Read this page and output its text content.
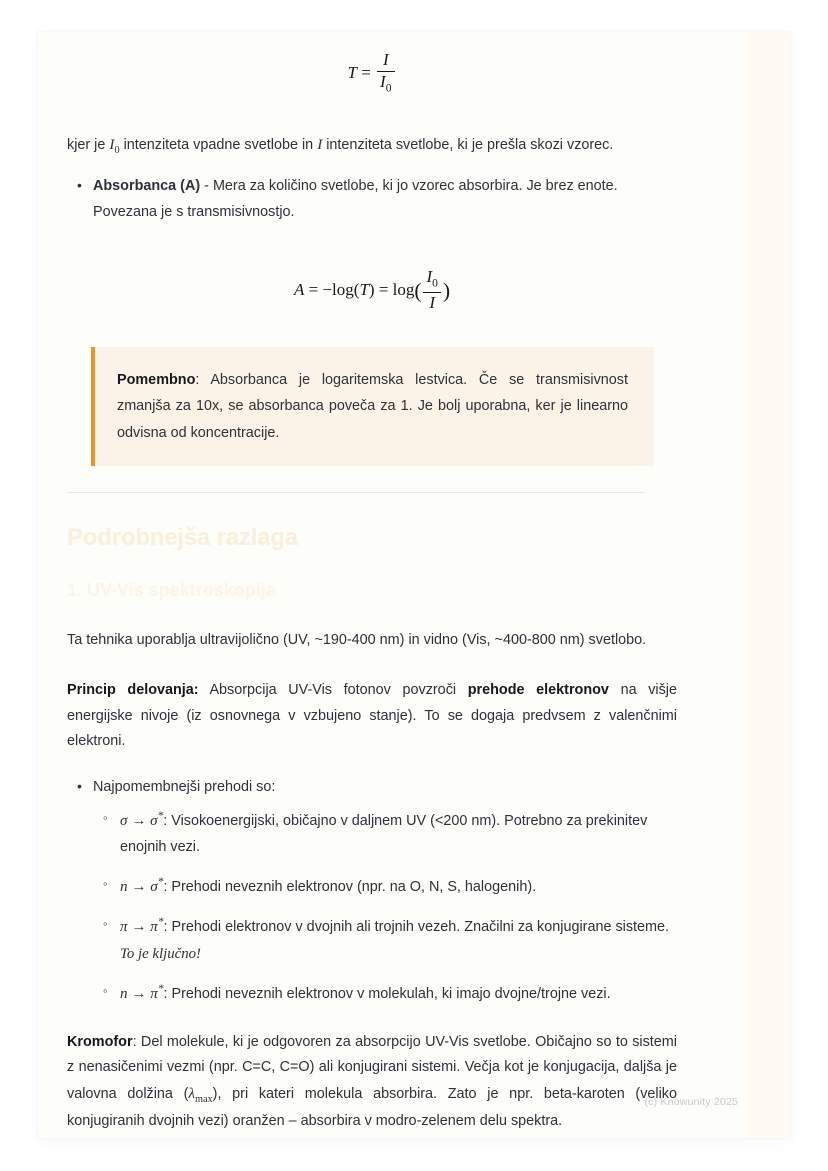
$T = \frac{I}{I_0}$

kjer je $I_0$ intenziteta vpadne svetlobe in I intenziteta svetlobe, ki je prešla skozi vzorec.

• Absorbanca (A) - Mera za količino svetlobe, ki jo vzorec absorbira. Je brez enote. Povezana je s transmisivnostjo.
$A = -\log(T) = \log( \frac{I_0}{I}$ )

Pomembno: Absorbanca je logaritemska lestvica. Če se transmisivnost zmanjša za 10x, se absorbanca poveča za 1. Je bolj uporabna, ker je linearno odvisna od koncentracije.

Podrobnejša razlaga
1. UV-Vis spektroskopija

Ta tehnika uporablja ultravijolično (UV, ~190-400 nm) in vidno (Vis, ~400-800 nm) svetlobo.

Princip delovanja: Absorpcija UV-Vis fotonov povzroči prehode elektronov na višje energijske nivoje (iz osnovnega v vzbujeno stanje). To se dogaja predvsem z valenčnimi elektroni.

• Najpomembnejši prehodi so:
◦ σ → σ*: Visokoenergijski, običajno v daljnem UV (<200 nm). Potrebno za prekinitev enojnih vezi.
◦ n → σ*: Prehodi neveznih elektronov (npr. na O, N, S, halogenih).
◦ π → π*: Prehodi elektronov v dvojnih ali trojnih vezeh. Značilni za konjugirane sisteme. To je ključno!
◦ n → π*: Prehodi neveznih elektronov v molekulah, ki imajo dvojne/trojne vezi.

Kromofor: Del molekule, ki je odgovoren za absorpcijo UV-Vis svetlobe. Običajno so to sistemi z nenasičenimi vezmi (npr. C=C, C=O) ali konjugirani sistemi. Večja kot je konjugacija, daljša je valovna dolžina $(\lambda_{max})$, pri kateri molekula absorbira. Zato je npr. beta-karoten (veliko konjugiranih dvojnih vezi) oranžen – absorbira v modro-zelenem delu spektra.

(c) Knowunity 2025
